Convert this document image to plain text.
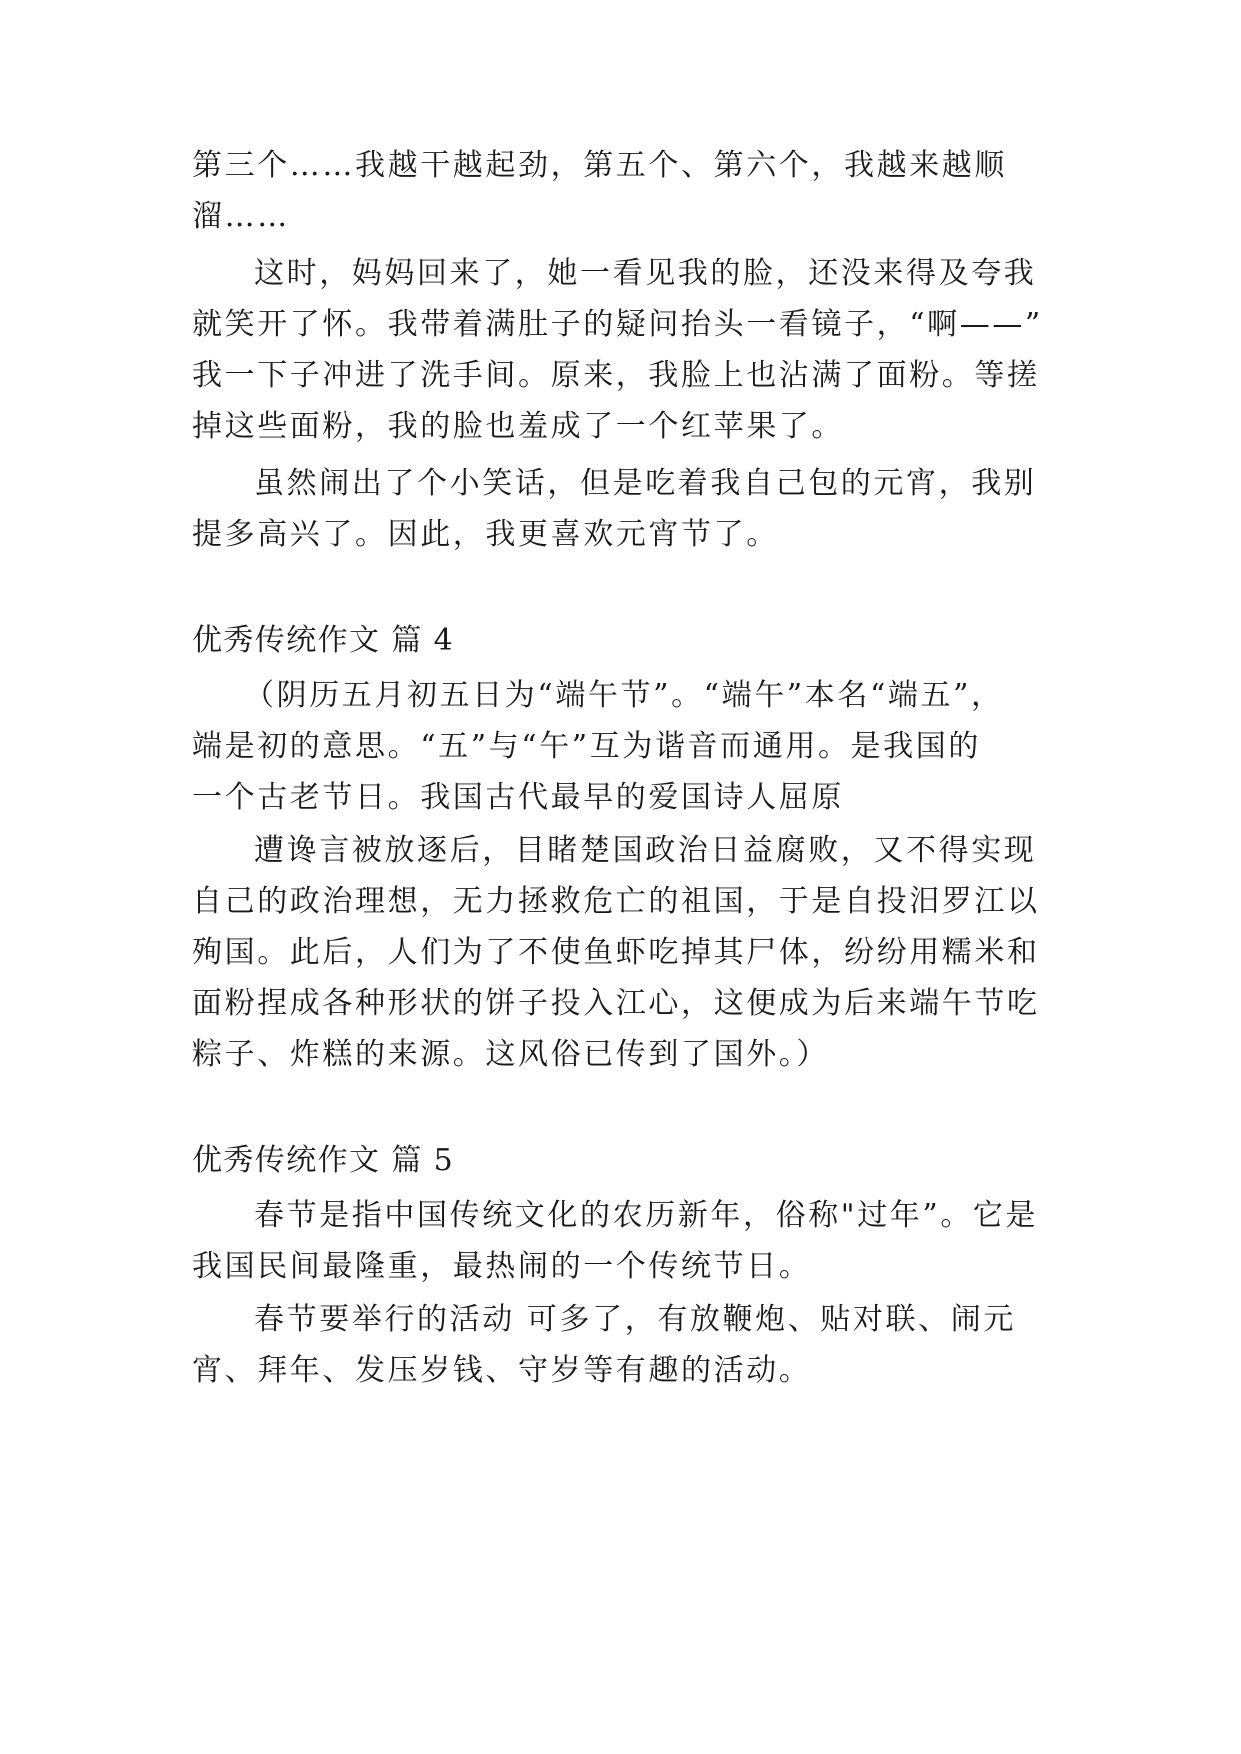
第三个……我越干越起劲，第五个、第六个，我越来越顺
溜……
这时，妈妈回来了，她一看见我的脸，还没来得及夸我
就笑开了怀。我带着满肚子的疑问抬头一看镜子，“啊——”
我一下子冲进了洗手间。原来，我脸上也沾满了面粉。等搓
掉这些面粉，我的脸也羞成了一个红苹果了。
虽然闹出了个小笑话，但是吃着我自己包的元宵，我别
提多高兴了。因此，我更喜欢元宵节了。
优秀传统作文 篇 4
（阴历五月初五日为“端午节”。“端午”本名“端五”，
端是初的意思。“五”与“午”互为谐音而通用。是我国的
一个古老节日。我国古代最早的爱国诗人屈原
遭谗言被放逐后，目睹楚国政治日益腐败，又不得实现
自己的政治理想，无力拯救危亡的祖国，于是自投汨罗江以
殉国。此后，人们为了不使鱼虾吃掉其尸体，纷纷用糯米和
面粉捏成各种形状的饼子投入江心，这便成为后来端午节吃
粽子、炸糕的来源。这风俗已传到了国外。）
优秀传统作文 篇 5
春节是指中国传统文化的农历新年，俗称"过年”。它是
我国民间最隆重，最热闹的一个传统节日。
春节要举行的活动 可多了，有放鞭炮、贴对联、闹元
宵、拜年、发压岁钱、守岁等有趣的活动。
